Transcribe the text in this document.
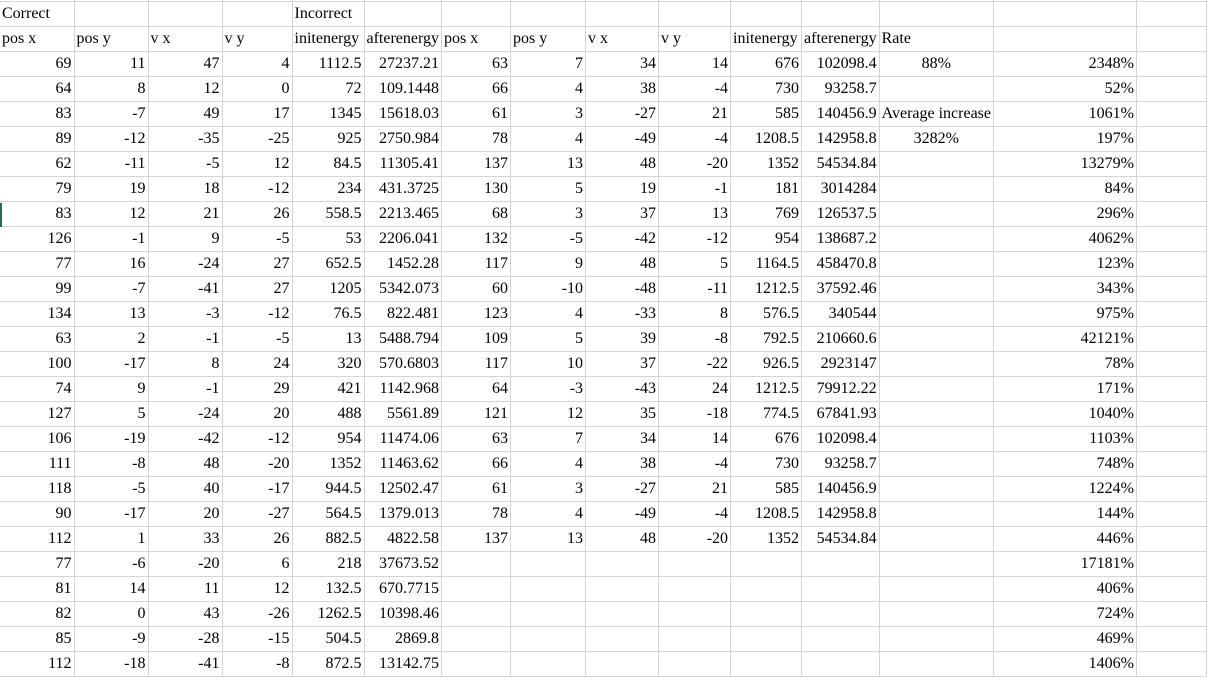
Correct				Incorrect										
pos x	pos y	v x	v y	initenergy	afterenergy	pos x	pos y	v x	v y	initenergy	afterenergy	Rate		
69	11	47	4	1112.5	27237.21	63	7	34	14	676	102098.4	88%	2348%	
64	8	12	0	72	109.1448	66	4	38	-4	730	93258.7		52%	
83	-7	49	17	1345	15618.03	61	3	-27	21	585	140456.9	Average increase	1061%	
89	-12	-35	-25	925	2750.984	78	4	-49	-4	1208.5	142958.8	3282%	197%	
62	-11	-5	12	84.5	11305.41	137	13	48	-20	1352	54534.84		13279%	
79	19	18	-12	234	431.3725	130	5	19	-1	181	3014284		84%	
83	12	21	26	558.5	2213.465	68	3	37	13	769	126537.5		296%	
126	-1	9	-5	53	2206.041	132	-5	-42	-12	954	138687.2		4062%	
77	16	-24	27	652.5	1452.28	117	9	48	5	1164.5	458470.8		123%	
99	-7	-41	27	1205	5342.073	60	-10	-48	-11	1212.5	37592.46		343%	
134	13	-3	-12	76.5	822.481	123	4	-33	8	576.5	340544		975%	
63	2	-1	-5	13	5488.794	109	5	39	-8	792.5	210660.6		42121%	
100	-17	8	24	320	570.6803	117	10	37	-22	926.5	2923147		78%	
74	9	-1	29	421	1142.968	64	-3	-43	24	1212.5	79912.22		171%	
127	5	-24	20	488	5561.89	121	12	35	-18	774.5	67841.93		1040%	
106	-19	-42	-12	954	11474.06	63	7	34	14	676	102098.4		1103%	
111	-8	48	-20	1352	11463.62	66	4	38	-4	730	93258.7		748%	
118	-5	40	-17	944.5	12502.47	61	3	-27	21	585	140456.9		1224%	
90	-17	20	-27	564.5	1379.013	78	4	-49	-4	1208.5	142958.8		144%	
112	1	33	26	882.5	4822.58	137	13	48	-20	1352	54534.84		446%	
77	-6	-20	6	218	37673.52								17181%	
81	14	11	12	132.5	670.7715								406%	
82	0	43	-26	1262.5	10398.46								724%	
85	-9	-28	-15	504.5	2869.8								469%	
112	-18	-41	-8	872.5	13142.75								1406%	
